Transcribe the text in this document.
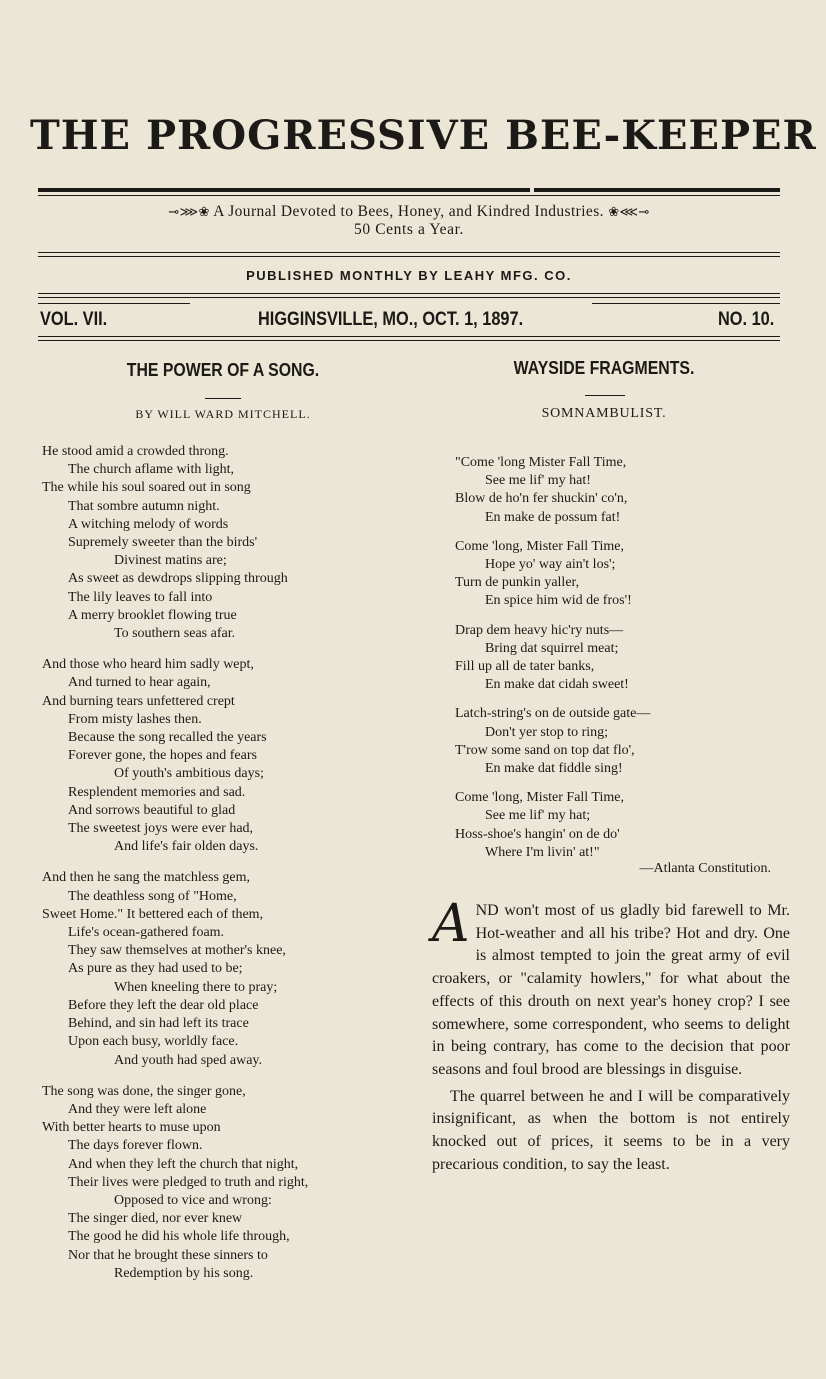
THE PROGRESSIVE BEE-KEEPER
⊸⋙❀ A Journal Devoted to Bees, Honey, and Kindred Industries. ❀⋘⊸
50 Cents a Year.
PUBLISHED MONTHLY BY LEAHY MFG. CO.
VOL. VII.	HIGGINSVILLE, MO., OCT. 1, 1897.	NO. 10.
THE POWER OF A SONG.
BY WILL WARD MITCHELL.
He stood amid a crowded throng.
The church aflame with light,
The while his soul soared out in song
That sombre autumn night.
A witching melody of words
Supremely sweeter than the birds'
Divinest matins are;
As sweet as dewdrops slipping through
The lily leaves to fall into
A merry brooklet flowing true
To southern seas afar.
And those who heard him sadly wept,
And turned to hear again,
And burning tears unfettered crept
From misty lashes then.
Because the song recalled the years
Forever gone, the hopes and fears
Of youth's ambitious days;
Resplendent memories and sad.
And sorrows beautiful to glad
The sweetest joys were ever had,
And life's fair olden days.
And then he sang the matchless gem,
The deathless song of "Home,
Sweet Home." It bettered each of them,
Life's ocean-gathered foam.
They saw themselves at mother's knee,
As pure as they had used to be;
When kneeling there to pray;
Before they left the dear old place
Behind, and sin had left its trace
Upon each busy, worldly face.
And youth had sped away.
The song was done, the singer gone,
And they were left alone
With better hearts to muse upon
The days forever flown.
And when they left the church that night,
Their lives were pledged to truth and right,
Opposed to vice and wrong:
The singer died, nor ever knew
The good he did his whole life through,
Nor that he brought these sinners to
Redemption by his song.
WAYSIDE FRAGMENTS.
SOMNAMBULIST.
"Come 'long Mister Fall Time,
See me lif' my hat!
Blow de ho'n fer shuckin' co'n,
En make de possum fat!
Come 'long, Mister Fall Time,
Hope yo' way ain't los';
Turn de punkin yaller,
En spice him wid de fros'!
Drap dem heavy hic'ry nuts—
Bring dat squirrel meat;
Fill up all de tater banks,
En make dat cidah sweet!
Latch-string's on de outside gate—
Don't yer stop to ring;
T'row some sand on top dat flo',
En make dat fiddle sing!
Come 'long, Mister Fall Time,
See me lif' my hat;
Hoss-shoe's hangin' on de do'
Where I'm livin' at!"
—Atlanta Constitution.

A ND won't most of us gladly bid farewell to Mr. Hot-weather and all his tribe? Hot and dry. One is almost tempted to join the great army of evil croakers, or "calamity howlers," for what about the effects of this drouth on next year's honey crop? I see somewhere, some correspondent, who seems to delight in being contrary, has come to the decision that poor seasons and foul brood are blessings in disguise.

The quarrel between he and I will be comparatively insignificant, as when the bottom is not entirely knocked out of prices, it seems to be in a very precarious condition, to say the least.
